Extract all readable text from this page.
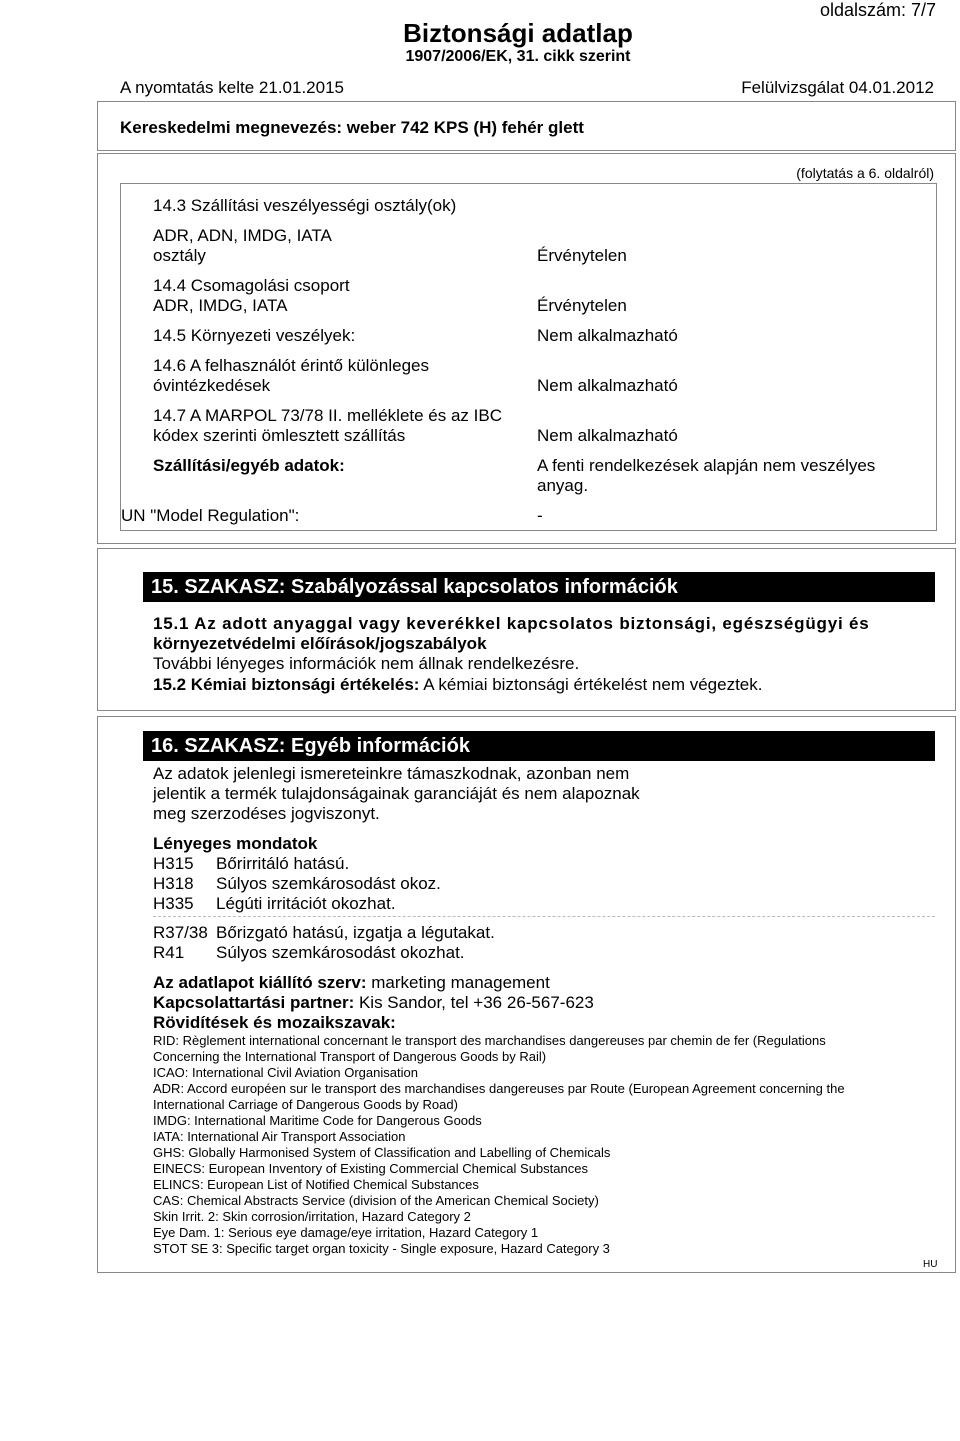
oldalszám: 7/7
Biztonsági adatlap
1907/2006/EK, 31. cikk szerint
A nyomtatás kelte 21.01.2015	Felülvizsgálat 04.01.2012
Kereskedelmi megnevezés: weber 742 KPS (H) fehér glett
(folytatás a 6. oldalról)
14.3 Szállítási veszélyességi osztály(ok)
ADR, ADN, IMDG, IATA
osztály	Érvénytelen
14.4 Csomagolási csoport
ADR, IMDG, IATA	Érvénytelen
14.5 Környezeti veszélyek:	Nem alkalmazható
14.6 A felhasználót érintő különleges
óvintézkedések	Nem alkalmazható
14.7 A MARPOL 73/78 II. melléklete és az IBC
kódex szerinti ömlesztett szállítás	Nem alkalmazható
Szállítási/egyéb adatok:	A fenti rendelkezések alapján nem veszélyes
anyag.
UN "Model Regulation":	-
15. SZAKASZ: Szabályozással kapcsolatos információk
15.1 Az adott anyaggal vagy keverékkel kapcsolatos biztonsági, egészségügyi és
környezetvédelmi előírások/jogszabályok
További lényeges információk nem állnak rendelkezésre.
15.2 Kémiai biztonsági értékelés: A kémiai biztonsági értékelést nem végeztek.
16. SZAKASZ: Egyéb információk
Az adatok jelenlegi ismereteinkre támaszkodnak, azonban nem
jelentik a termék tulajdonságainak garanciáját és nem alapoznak
meg szerzodéses jogviszonyt.
Lényeges mondatok
H315 Bőrirritáló hatású.
H318 Súlyos szemkárosodást okoz.
H335 Légúti irritációt okozhat.
R37/38 Bőrizgató hatású, izgatja a légutakat.
R41 Súlyos szemkárosodást okozhat.
Az adatlapot kiállító szerv: marketing management
Kapcsolattartási partner: Kis Sandor, tel +36 26-567-623
Rövidítések és mozaikszavak:
RID: Règlement international concernant le transport des marchandises dangereuses par chemin de fer (Regulations
Concerning the International Transport of Dangerous Goods by Rail)
ICAO: International Civil Aviation Organisation
ADR: Accord européen sur le transport des marchandises dangereuses par Route (European Agreement concerning the
International Carriage of Dangerous Goods by Road)
IMDG: International Maritime Code for Dangerous Goods
IATA: International Air Transport Association
GHS: Globally Harmonised System of Classification and Labelling of Chemicals
EINECS: European Inventory of Existing Commercial Chemical Substances
ELINCS: European List of Notified Chemical Substances
CAS: Chemical Abstracts Service (division of the American Chemical Society)
Skin Irrit. 2: Skin corrosion/irritation, Hazard Category 2
Eye Dam. 1: Serious eye damage/eye irritation, Hazard Category 1
STOT SE 3: Specific target organ toxicity - Single exposure, Hazard Category 3
HU
